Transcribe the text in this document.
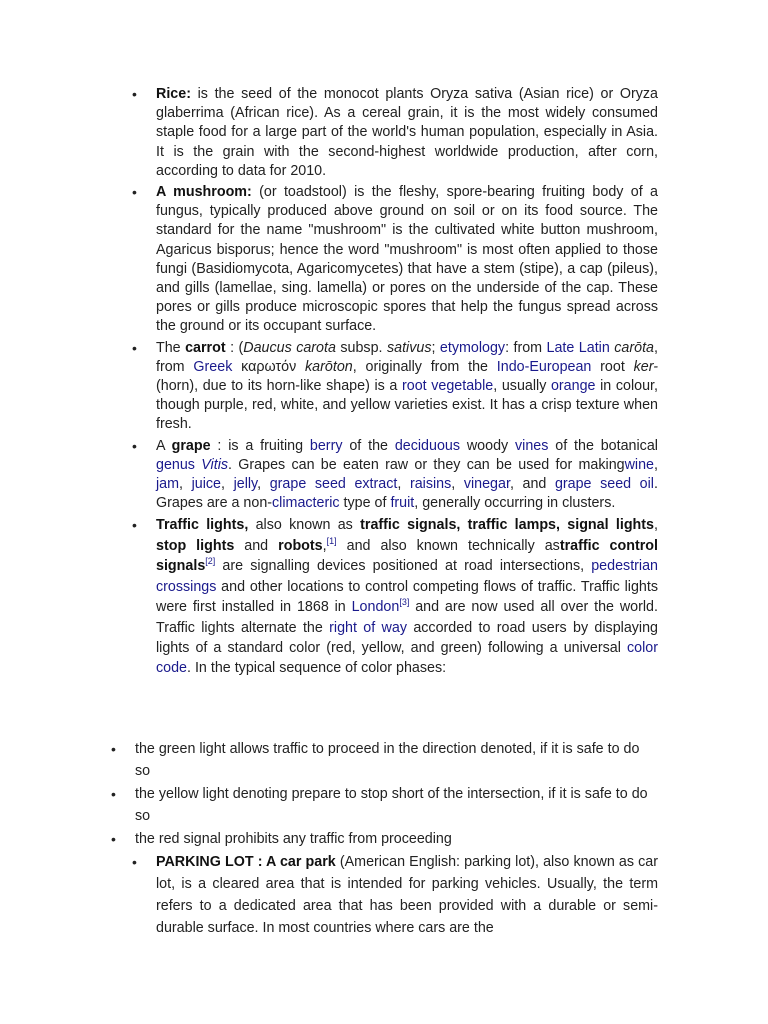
• Rice: is the seed of the monocot plants Oryza sativa (Asian rice) or Oryza glaberrima (African rice). As a cereal grain, it is the most widely consumed staple food for a large part of the world's human population, especially in Asia. It is the grain with the second-highest worldwide production, after corn, according to data for 2010.
• A mushroom: (or toadstool) is the fleshy, spore-bearing fruiting body of a fungus, typically produced above ground on soil or on its food source. The standard for the name "mushroom" is the cultivated white button mushroom, Agaricus bisporus; hence the word "mushroom" is most often applied to those fungi (Basidiomycota, Agaricomycetes) that have a stem (stipe), a cap (pileus), and gills (lamellae, sing. lamella) or pores on the underside of the cap. These pores or gills produce microscopic spores that help the fungus spread across the ground or its occupant surface.
• The carrot : (Daucus carota subsp. sativus; etymology: from Late Latin carōta, from Greek καρωτόν karōton, originally from the Indo-European root ker- (horn), due to its horn-like shape) is a root vegetable, usually orange in colour, though purple, red, white, and yellow varieties exist. It has a crisp texture when fresh.
• A grape : is a fruiting berry of the deciduous woody vines of the botanical genus Vitis. Grapes can be eaten raw or they can be used for makingwine, jam, juice, jelly, grape seed extract, raisins, vinegar, and grape seed oil. Grapes are a non-climacteric type of fruit, generally occurring in clusters.
• Traffic lights, also known as traffic signals, traffic lamps, signal lights, stop lights and robots,[1] and also known technically astraffic control signals[2] are signalling devices positioned at road intersections, pedestrian crossings and other locations to control competing flows of traffic. Traffic lights were first installed in 1868 in London[3] and are now used all over the world. Traffic lights alternate the right of way accorded to road users by displaying lights of a standard color (red, yellow, and green) following a universal color code. In the typical sequence of color phases:
• the green light allows traffic to proceed in the direction denoted, if it is safe to do so
• the yellow light denoting prepare to stop short of the intersection, if it is safe to do so
• the red signal prohibits any traffic from proceeding
• PARKING LOT : A car park (American English: parking lot), also known as car lot, is a cleared area that is intended for parking vehicles. Usually, the term refers to a dedicated area that has been provided with a durable or semi-durable surface. In most countries where cars are the
